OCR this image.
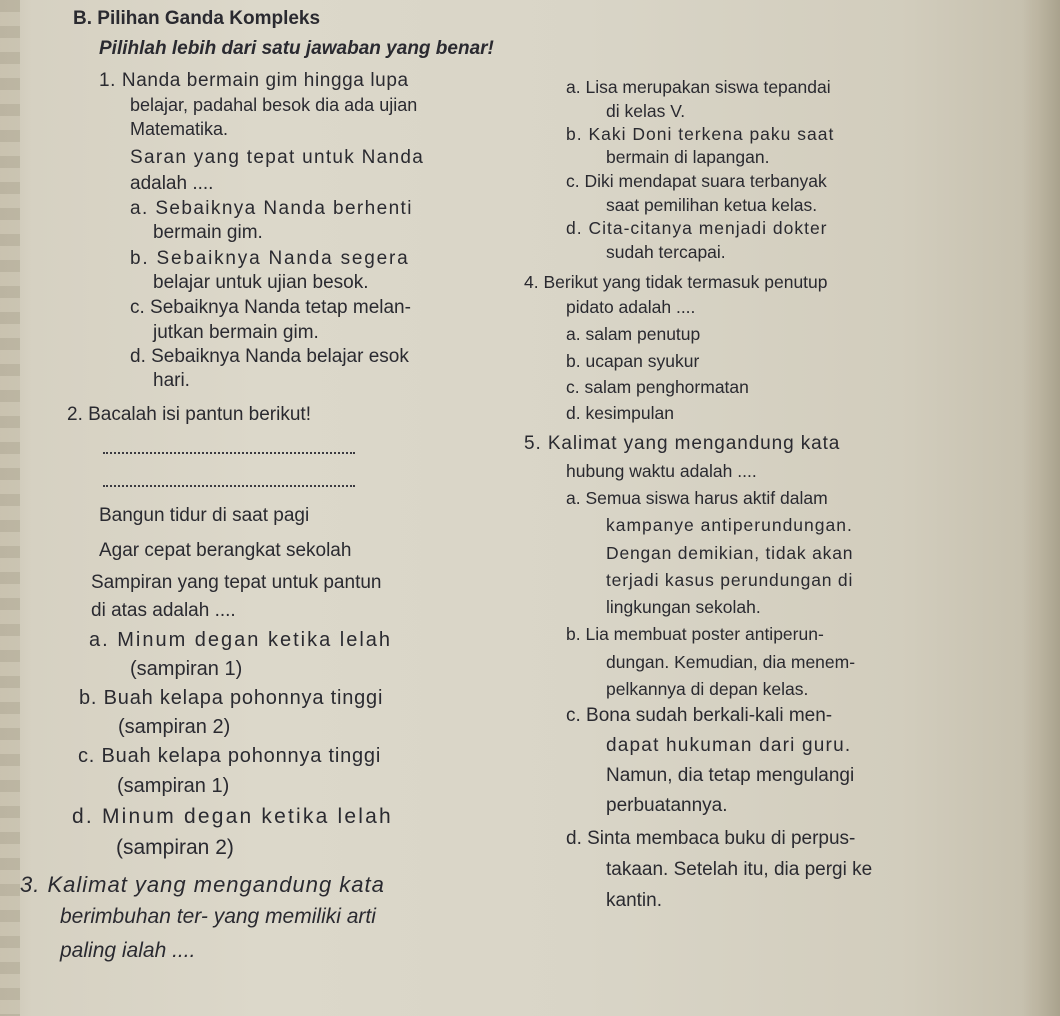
B. Pilihan Ganda Kompleks
Pilihlah lebih dari satu jawaban yang benar!
1. Nanda bermain gim hingga lupa
belajar, padahal besok dia ada ujian
Matematika.
Saran yang tepat untuk Nanda
adalah ....
a. Sebaiknya Nanda berhenti
bermain gim.
b. Sebaiknya Nanda segera
belajar untuk ujian besok.
c. Sebaiknya Nanda tetap melan-
jutkan bermain gim.
d. Sebaiknya Nanda belajar esok
hari.
2. Bacalah isi pantun berikut!
Bangun tidur di saat pagi
Agar cepat berangkat sekolah
Sampiran yang tepat untuk pantun
di atas adalah ....
a. Minum degan ketika lelah
(sampiran 1)
b. Buah kelapa pohonnya tinggi
(sampiran 2)
c. Buah kelapa pohonnya tinggi
(sampiran 1)
d. Minum degan ketika lelah
(sampiran 2)
3. Kalimat yang mengandung kata
berimbuhan ter- yang memiliki arti
paling ialah ....
a. Lisa merupakan siswa tepandai
di kelas V.
b. Kaki Doni terkena paku saat
bermain di lapangan.
c. Diki mendapat suara terbanyak
saat pemilihan ketua kelas.
d. Cita-citanya menjadi dokter
sudah tercapai.
4. Berikut yang tidak termasuk penutup
pidato adalah ....
a. salam penutup
b. ucapan syukur
c. salam penghormatan
d. kesimpulan
5. Kalimat yang mengandung kata
hubung waktu adalah ....
a. Semua siswa harus aktif dalam
kampanye antiperundungan.
Dengan demikian, tidak akan
terjadi kasus perundungan di
lingkungan sekolah.
b. Lia membuat poster antiperun-
dungan. Kemudian, dia menem-
pelkannya di depan kelas.
c. Bona sudah berkali-kali men-
dapat hukuman dari guru.
Namun, dia tetap mengulangi
perbuatannya.
d. Sinta membaca buku di perpus-
takaan. Setelah itu, dia pergi ke
kantin.
